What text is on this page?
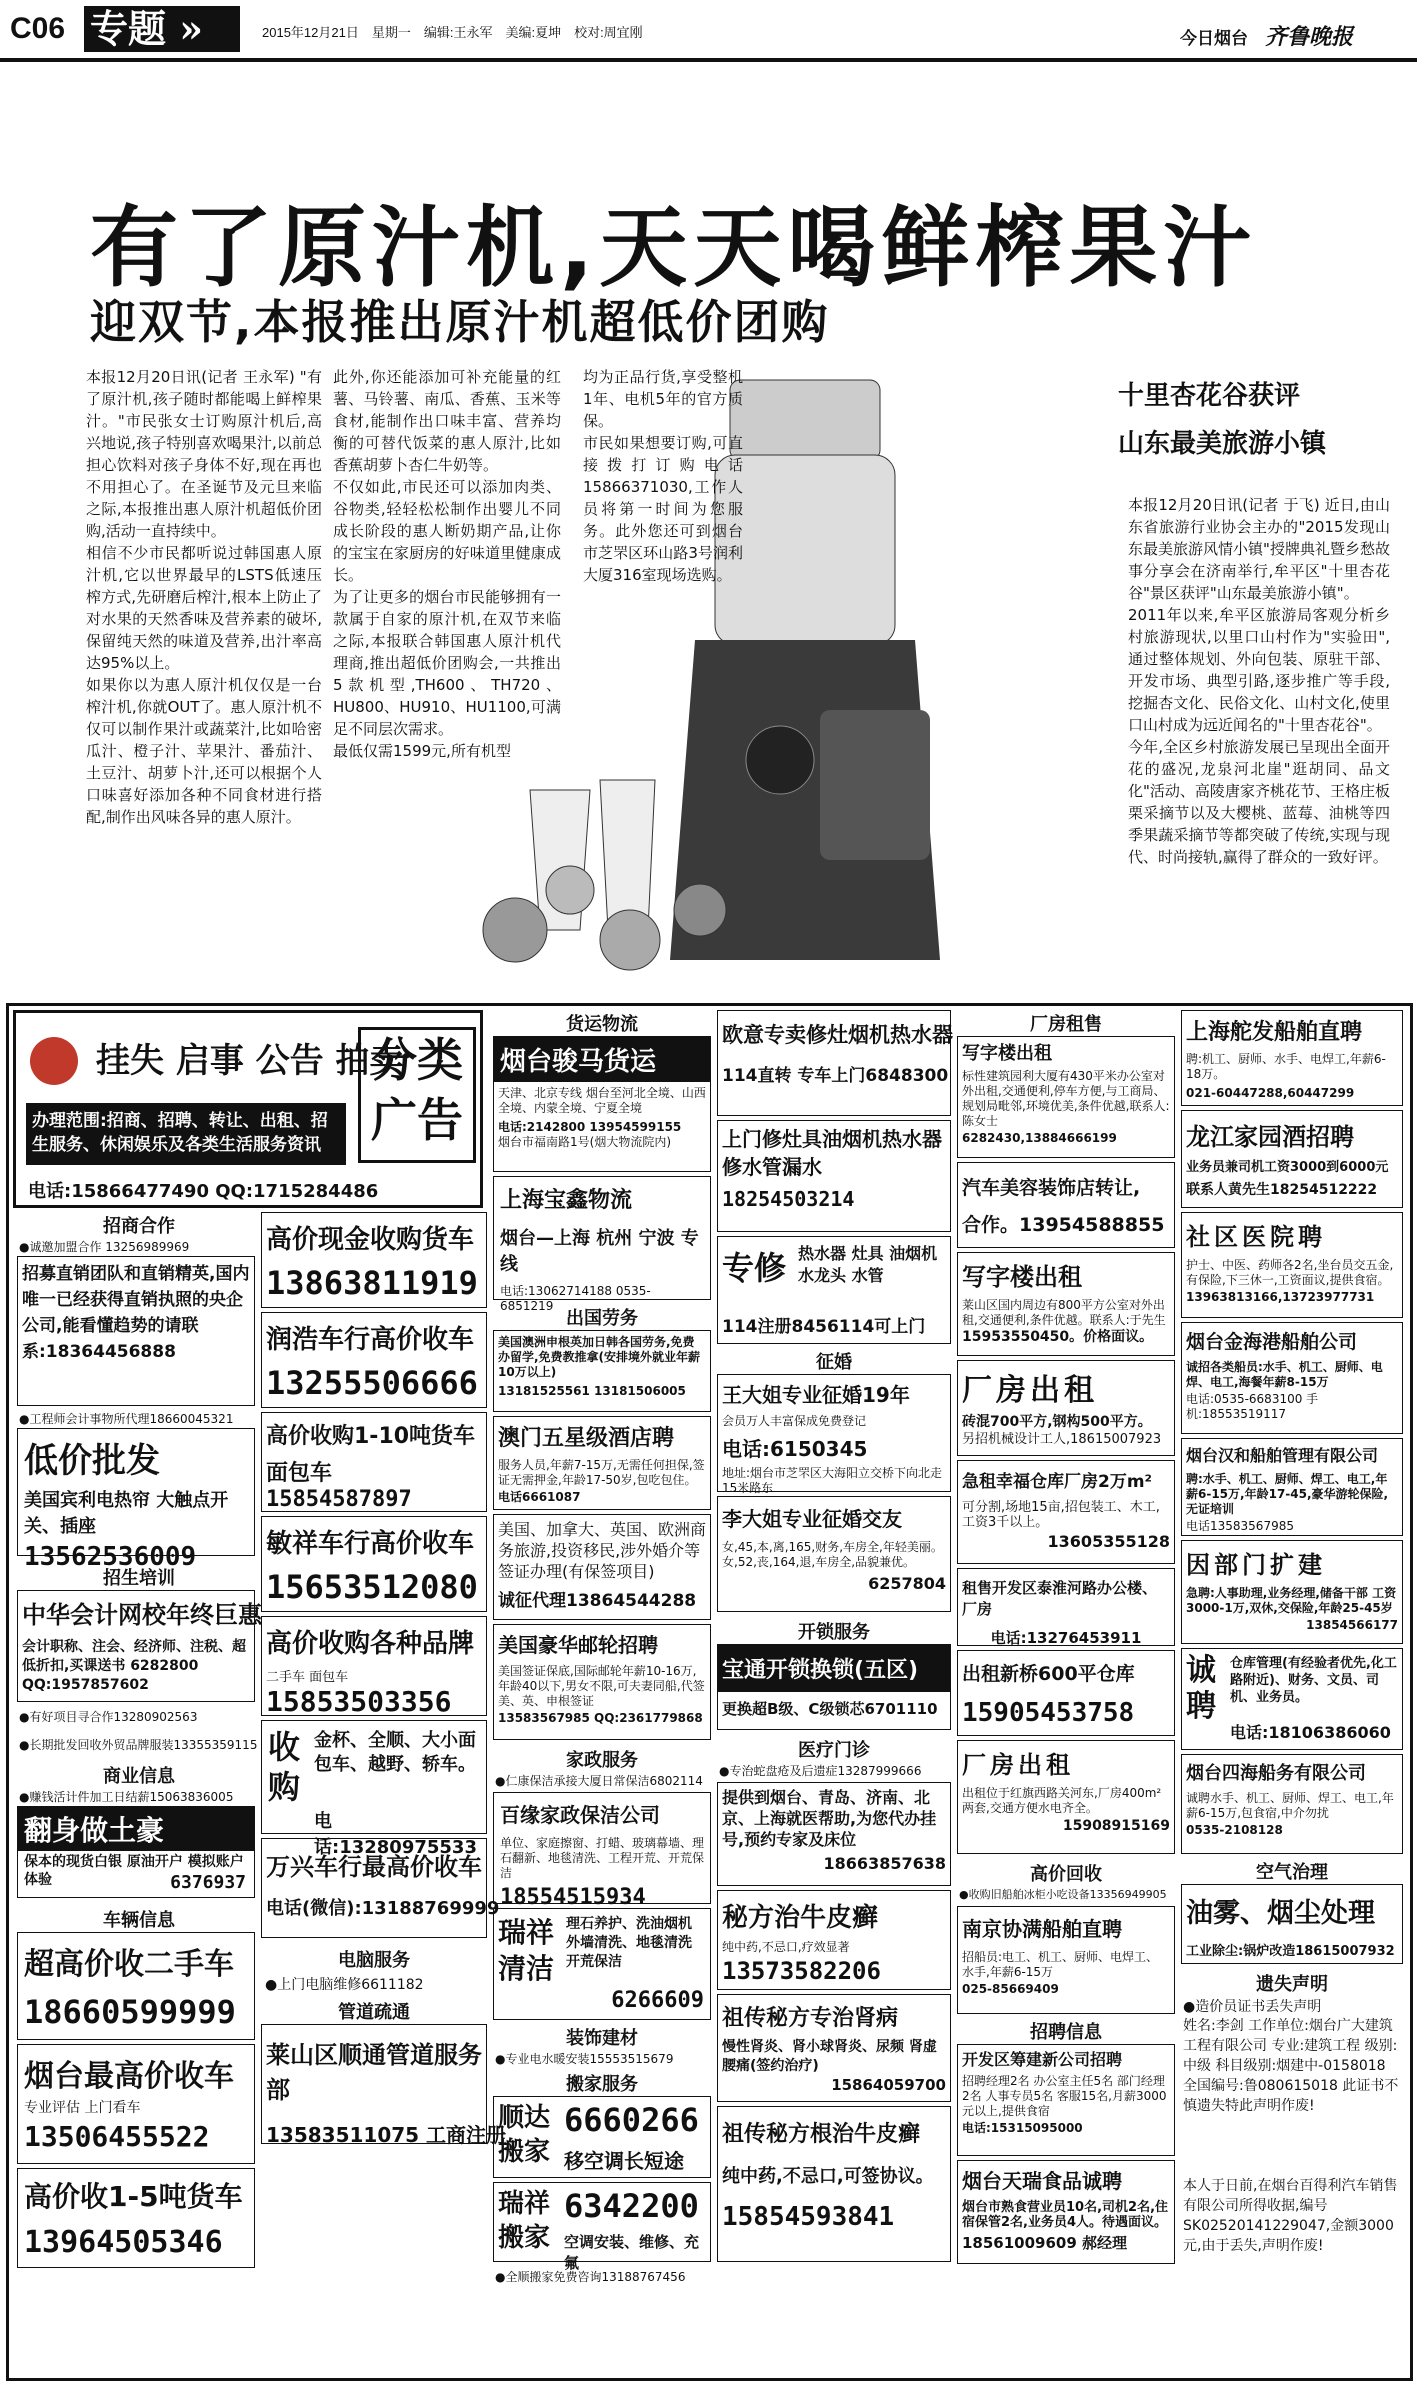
C06 专题 »	2015年12月21日　星期一　编辑:王永军　美编:夏坤　校对:周宜刚	今日烟台　 齐鲁晚报
有了原汁机,天天喝鲜榨果汁
迎双节,本报推出原汁机超低价团购
本报12月20日讯(记者 王永军) "有了原汁机,孩子随时都能喝上鲜榨果汁。"市民张女士订购原汁机后,高兴地说,孩子特别喜欢喝果汁,以前总担心饮料对孩子身体不好,现在再也不用担心了。在圣诞节及元旦来临之际,本报推出惠人原汁机超低价团购,活动一直持续中。
相信不少市民都听说过韩国惠人原汁机,它以世界最早的LSTS低速压榨方式,先研磨后榨汁,根本上防止了对水果的天然香味及营养素的破坏,保留纯天然的味道及营养,出汁率高达95%以上。
如果你以为惠人原汁机仅仅是一台榨汁机,你就OUT了。惠人原汁机不仅可以制作果汁或蔬菜汁,比如哈密瓜汁、橙子汁、苹果汁、番茄汁、土豆汁、胡萝卜汁,还可以根据个人口味喜好添加各种不同食材进行搭配,制作出风味各异的惠人原汁。
此外,你还能添加可补充能量的红薯、马铃薯、南瓜、香蕉、玉米等食材,能制作出口味丰富、营养均衡的可替代饭菜的惠人原汁,比如香蕉胡萝卜杏仁牛奶等。
不仅如此,市民还可以添加肉类、谷物类,轻轻松松制作出婴儿不同成长阶段的惠人断奶期产品,让你的宝宝在家厨房的好味道里健康成长。
为了让更多的烟台市民能够拥有一款属于自家的原汁机,在双节来临之际,本报联合韩国惠人原汁机代理商,推出超低价团购会,一共推出5款机型,TH600、TH720、HU800、HU910、HU1100,可满足不同层次需求。
最低仅需1599元,所有机型
均为正品行货,享受整机1年、电机5年的官方质保。
市民如果想要订购,可直接拨打订购电话15866371030,工作人员将第一时间为您服务。此外您还可到烟台市芝罘区环山路3号润利大厦316室现场选购。
十里杏花谷获评
山东最美旅游小镇
本报12月20日讯(记者 于飞) 近日,由山东省旅游行业协会主办的"2015发现山东最美旅游风情小镇"授牌典礼暨乡愁故事分享会在济南举行,牟平区"十里杏花谷"景区获评"山东最美旅游小镇"。
2011年以来,牟平区旅游局客观分析乡村旅游现状,以里口山村作为"实验田",通过整体规划、外向包装、原驻干部、开发市场、典型引路,逐步推广等手段,挖掘杏文化、民俗文化、山村文化,使里口山村成为远近闻名的"十里杏花谷"。
今年,全区乡村旅游发展已呈现出全面开花的盛况,龙泉河北崖"逛胡同、品文化"活动、高陵唐家齐桃花节、王格庄板栗采摘节以及大樱桃、蓝莓、油桃等四季果蔬采摘节等都突破了传统,实现与现代、时尚接轨,赢得了群众的一致好评。
挂失 启事 公告 拍卖
分类广告
办理范围:招商、招聘、转让、出租、招生服务、休闲娱乐及各类生活服务资讯
电话:15866477490 QQ:1715284486
招商合作
●诚邀加盟合作 13256989969
招募直销团队和直销精英,国内唯一已经获得直销执照的央企公司,能看懂趋势的请联系:18364456888
●工程师会计事物所代理18660045321
低价批发
美国宾利电热帘 大触点开关、插座
13562536009
招生培训
中华会计网校年终巨惠
会计职称、注会、经济师、注税、超低折扣,买课送书 6282800 QQ:1957857602
●有好项目寻合作13280902563
●长期批发回收外贸品牌服装13355359115
商业信息
●赚钱活计件加工日结薪15063836005
翻身做土豪
保本的现货白银 原油开户 模拟账户体验	6376937
车辆信息
超高价收二手车
18660599999
烟台最高价收车
专业评估 上门看车
13506455522
高价收1-5吨货车
13964505346
高价现金收购货车
13863811919
润浩车行高价收车
13255506666
高价收购1-10吨货车
面包车 15854587897
敏祥车行高价收车
15653512080
高价收购各种品牌
二手车 面包车 15853503356
收购
金杯、全顺、大小面包车、越野、轿车。
电话:13280975533
万兴车行最高价收车
电话(微信):13188769999
电脑服务
●上门电脑维修6611182
管道疏通
莱山区顺通管道服务部
13583511075 工商注册
货运物流
烟台骏马货运
天津、北京专线 烟台至河北全境、山西全境、内蒙全境、宁夏全境
电话:2142800 13954599155
烟台市福南路1号(烟大物流院内)
上海宝鑫物流
烟台—上海 杭州 宁波 专线
电话:13062714188 0535-6851219
出国劳务
美国澳洲申根英加日韩各国劳务,免费办留学,免费教推拿(安排境外就业年薪10万以上)
13181525561 13181506005
澳门五星级酒店聘
服务人员,年薪7-15万,无需任何担保,签证无需押金,年龄17-50岁,包吃包住。
电话6661087
美国、加拿大、英国、欧洲商务旅游,投资移民,涉外婚介等签证办理(有保签项目)
诚征代理13864544288
美国豪华邮轮招聘
美国签证保底,国际邮轮年薪10-16万,年龄40以下,男女不限,可夫妻同船,代签美、英、申根签证
13583567985 QQ:2361779868
家政服务
●仁康保洁承接大厦日常保洁6802114
百缘家政保洁公司
单位、家庭擦窗、打蜡、玻璃幕墙、理石翻新、地毯清洗、工程开荒、开荒保洁
18554515934
瑞祥清洁
理石养护、洗油烟机 外墙清洗、地毯清洗 开荒保洁
6266609
装饰建材
●专业电水暖安装15553515679
搬家服务
顺达搬家
6660266
移空调长短途
瑞祥搬家
6342200
空调安装、维修、充氟
●全顺搬家免费咨询13188767456
欧意专卖修灶烟机热水器
114直转 专车上门6848300
上门修灶具油烟机热水器修水管漏水
18254503214
专修 热水器 灶具 油烟机 水龙头 水管
114注册8456114可上门
征婚
王大姐专业征婚19年
会员万人丰富保成免费登记
电话:6150345
地址:烟台市芝罘区大海阳立交桥下向北走15米路东
李大姐专业征婚交友
女,45,本,离,165,财务,车房全,年轻美丽。女,52,丧,164,退,车房全,品貌兼优。
6257804
开锁服务
宝通开锁换锁(五区)
更换超B级、C级锁芯6701110
医疗门诊
●专治蛇盘疮及后遗症13287999666
提供到烟台、青岛、济南、北京、上海就医帮助,为您代办挂号,预约专家及床位
18663857638
秘方治牛皮癣
纯中药,不忌口,疗效显著
13573582206
祖传秘方专治肾病
慢性肾炎、肾小球肾炎、尿频 肾虚腰痛(签约治疗)
15864059700
祖传秘方根治牛皮癣
纯中药,不忌口,可签协议。
15854593841
厂房租售
写字楼出租
标性建筑园利大厦有430平米办公室对外出租,交通便利,停车方便,与工商局、规划局毗邻,环境优美,条件优越,联系人:陈女士
6282430,13884666199
汽车美容装饰店转让,
合作。13954588855
写字楼出租
莱山区国内周边有800平方公室对外出租,交通便利,条件优越。联系人:于先生
15953550450。价格面议。
厂房出租
砖混700平方,钢构500平方。
另招机械设计工人,18615007923
急租幸福仓库厂房2万m²
可分割,场地15亩,招包装工、木工,工资3千以上。
13605355128
租售开发区泰淮河路办公楼、厂房
电话:13276453911
出租新桥600平仓库
15905453758
厂房出租
出租位于红旗西路关河东,厂房400m²两套,交通方便水电齐全。
15908915169
高价回收
●收购旧船舶冰柜小吃设备13356949905
南京协满船舶直聘
招船员:电工、机工、厨师、电焊工、水手,年薪6-15万
025-85669409
招聘信息
开发区筹建新公司招聘
招聘经理2名 办公室主任5名 部门经理2名 人事专员5名 客服15名,月薪3000元以上,提供食宿
电话:15315095000
烟台天瑞食品诚聘
烟台市熟食营业员10名,司机2名,住宿保管2名,业务员4人。待遇面议。
18561009609 郝经理
上海舵发船舶直聘
聘:机工、厨师、水手、电焊工,年薪6-18万。
021-60447288,60447299
龙江家园酒招聘
业务员兼司机工资3000到6000元
联系人黄先生18254512222
社区医院聘
护士、中医、药师各2名,坐台员交五金,有保险,下三休一,工资面议,提供食宿。
13963813166,13723977731
烟台金海港船舶公司
诚招各类船员:水手、机工、厨师、电焊、电工,海餐年薪8-15万
电话:0535-6683100 手机:18553519117
烟台汉和船舶管理有限公司
聘:水手、机工、厨师、焊工、电工,年薪6-15万,年龄17-45,豪华游轮保险,无证培训
电话13583567985
因部门扩建
急聘:人事助理,业务经理,储备干部 工资3000-1万,双休,交保险,年龄25-45岁
13854566177
诚聘
仓库管理(有经验者优先,化工路附近)、财务、文员、司机、业务员。
电话:18106386060
烟台四海船务有限公司
诚聘水手、机工、厨师、焊工、电工,年薪6-15万,包食宿,中介勿扰
0535-2108128
空气治理
油雾、烟尘处理
工业除尘:锅炉改造18615007932
遗失声明
●造价员证书丢失声明
姓名:李剑 工作单位:烟台广大建筑工程有限公司 专业:建筑工程 级别:中级 科目级别:烟建中-0158018 全国编号:鲁080615018 此证书不慎遗失特此声明作废!
本人于日前,在烟台百得利汽车销售有限公司所得收据,编号SK02520141229047,金额3000元,由于丢失,声明作废!
